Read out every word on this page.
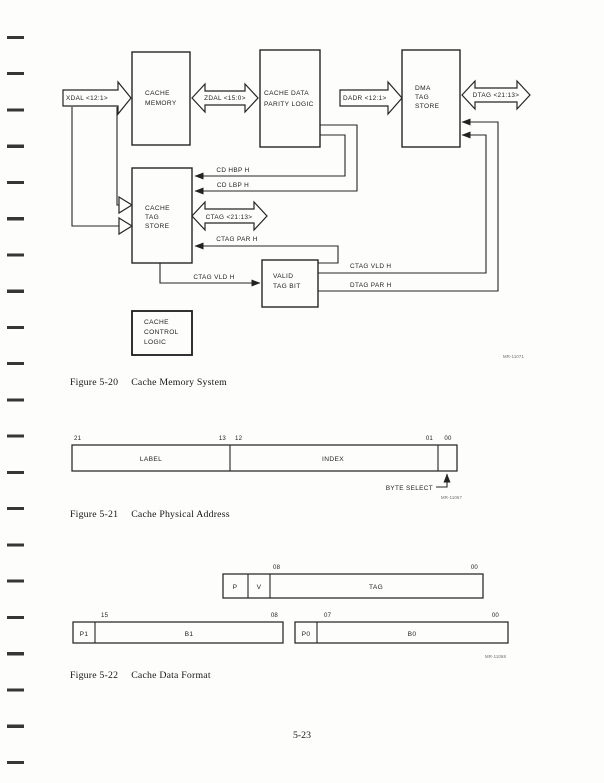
CACHE
MEMORY
CACHE DATA
PARITY LOGIC
DMA
TAG
STORE
CACHE
TAG
STORE
VALID
TAG BIT
CACHE
CONTROL
LOGIC
XDAL <12:1>	ZDAL <15:0>	DADR <12:1>	DTAG <21:13>
CTAG <21:13>
CD HBP H
CD LBP H
CTAG PAR H
CTAG VLD H
CTAG VLD H
DTAG PAR H
MR-11071
21	13 12	01 00
LABEL	INDEX
BYTE SELECT
MR-11067
08	00
P	V	TAG
15	08
P1	B1
07	00
P0	B0
MR-11068
Figure 5-20 Cache Memory System
Figure 5-21 Cache Physical Address
Figure 5-22 Cache Data Format
5-23
